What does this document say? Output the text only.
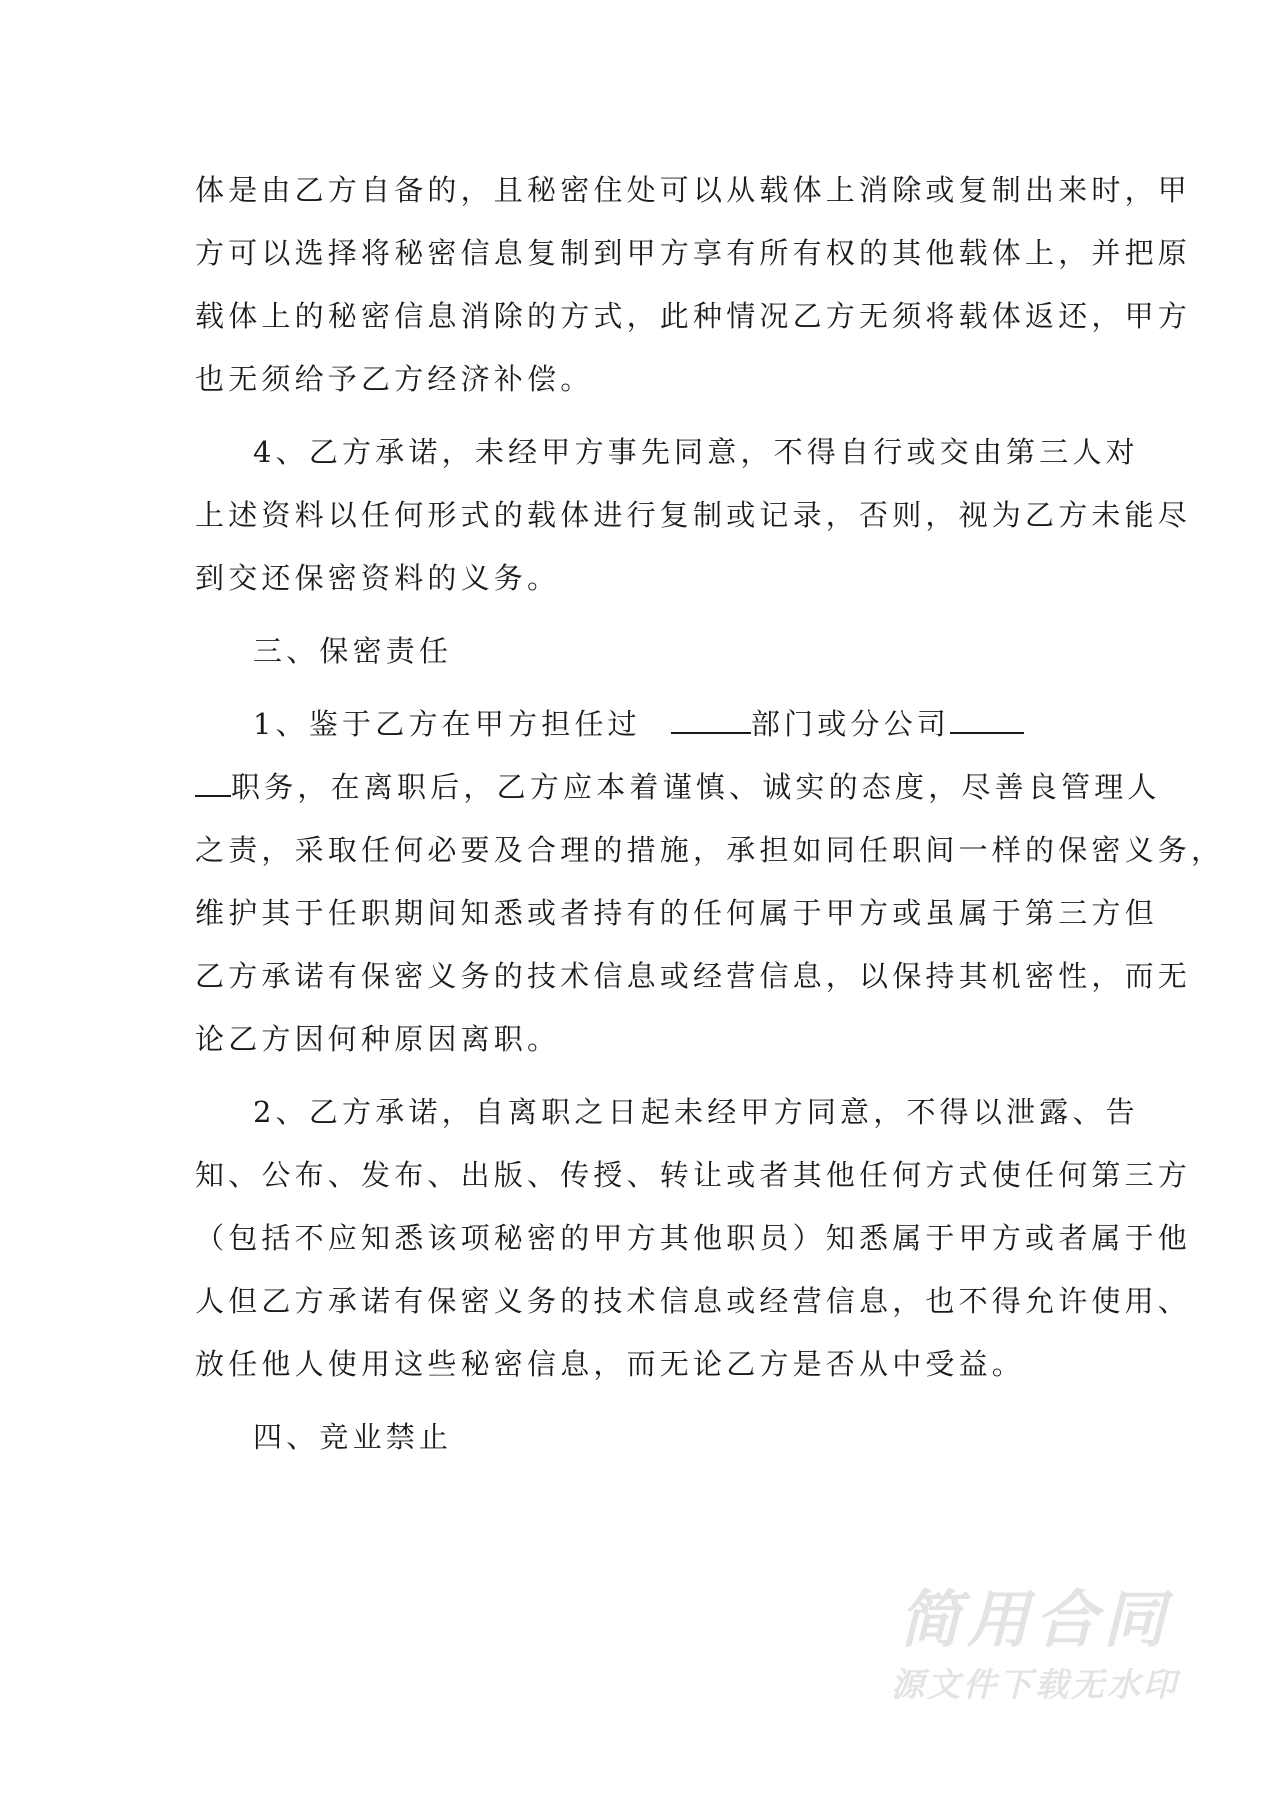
体是由乙方自备的，且秘密住处可以从载体上消除或复制出来时，甲
方可以选择将秘密信息复制到甲方享有所有权的其他载体上，并把原
载体上的秘密信息消除的方式，此种情况乙方无须将载体返还，甲方
也无须给予乙方经济补偿。
4、乙方承诺，未经甲方事先同意，不得自行或交由第三人对
上述资料以任何形式的载体进行复制或记录，否则，视为乙方未能尽
到交还保密资料的义务。
三、保密责任
1、鉴于乙方在甲方担任过	部门或分公司
职务，在离职后，乙方应本着谨慎、诚实的态度，尽善良管理人
之责，采取任何必要及合理的措施，承担如同任职间一样的保密义务，
维护其于任职期间知悉或者持有的任何属于甲方或虽属于第三方但
乙方承诺有保密义务的技术信息或经营信息，以保持其机密性，而无
论乙方因何种原因离职。
2、乙方承诺，自离职之日起未经甲方同意，不得以泄露、告
知、公布、发布、出版、传授、转让或者其他任何方式使任何第三方
（包括不应知悉该项秘密的甲方其他职员）知悉属于甲方或者属于他
人但乙方承诺有保密义务的技术信息或经营信息，也不得允许使用、
放任他人使用这些秘密信息，而无论乙方是否从中受益。
四、竞业禁止
简用合同
源文件下载无水印
